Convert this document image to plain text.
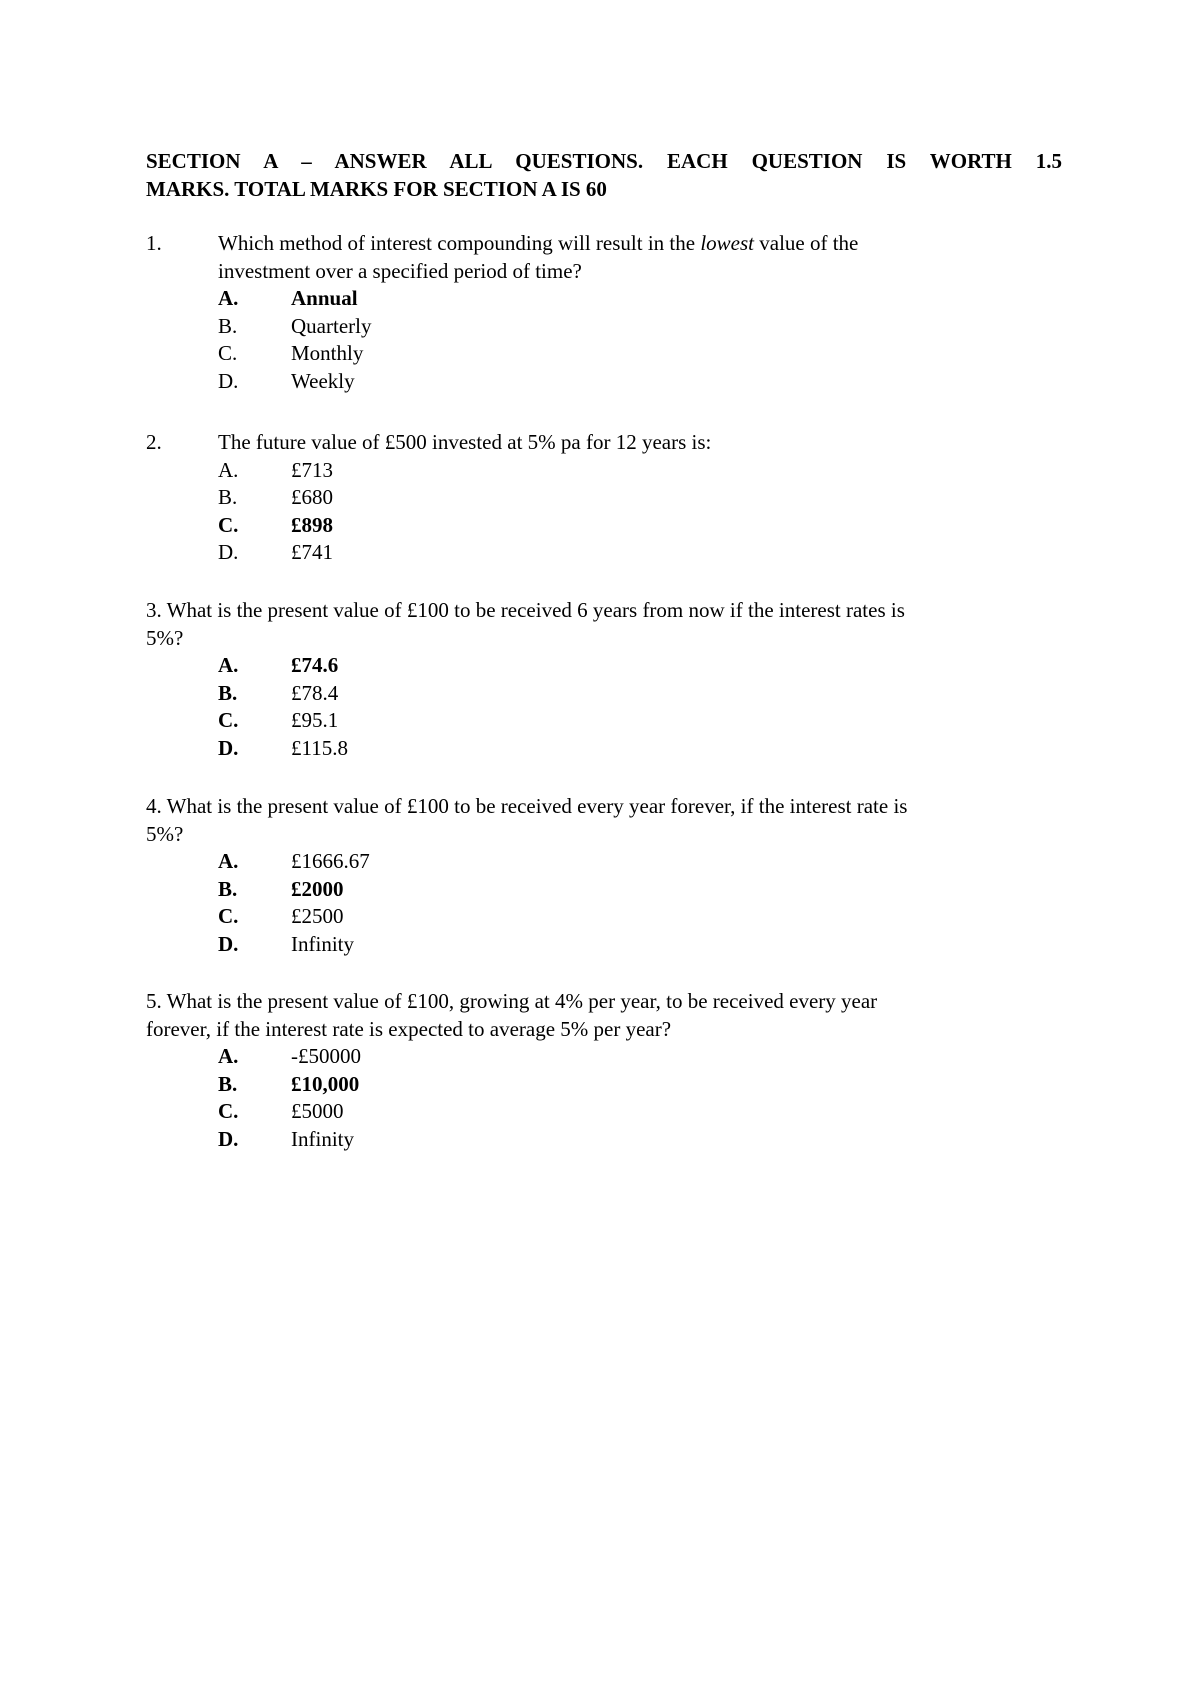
SECTION A – ANSWER ALL QUESTIONS. EACH QUESTION IS WORTH 1.5
MARKS. TOTAL MARKS FOR SECTION A IS 60
1.	Which method of interest compounding will result in the lowest value of the
investment over a specified period of time?
A.	Annual
B.	Quarterly
C.	Monthly
D.	Weekly
2.	The future value of £500 invested at 5% pa for 12 years is:
A.	£713
B.	£680
C.	£898
D.	£741
3. What is the present value of £100 to be received 6 years from now if the interest rates is
5%?
A.	£74.6
B.	£78.4
C.	£95.1
D.	£115.8
4. What is the present value of £100 to be received every year forever, if the interest rate is
5%?
A.	£1666.67
B.	£2000
C.	£2500
D.	Infinity
5. What is the present value of £100, growing at 4% per year, to be received every year
forever, if the interest rate is expected to average 5% per year?
A.	-£50000
B.	£10,000
C.	£5000
D.	Infinity
